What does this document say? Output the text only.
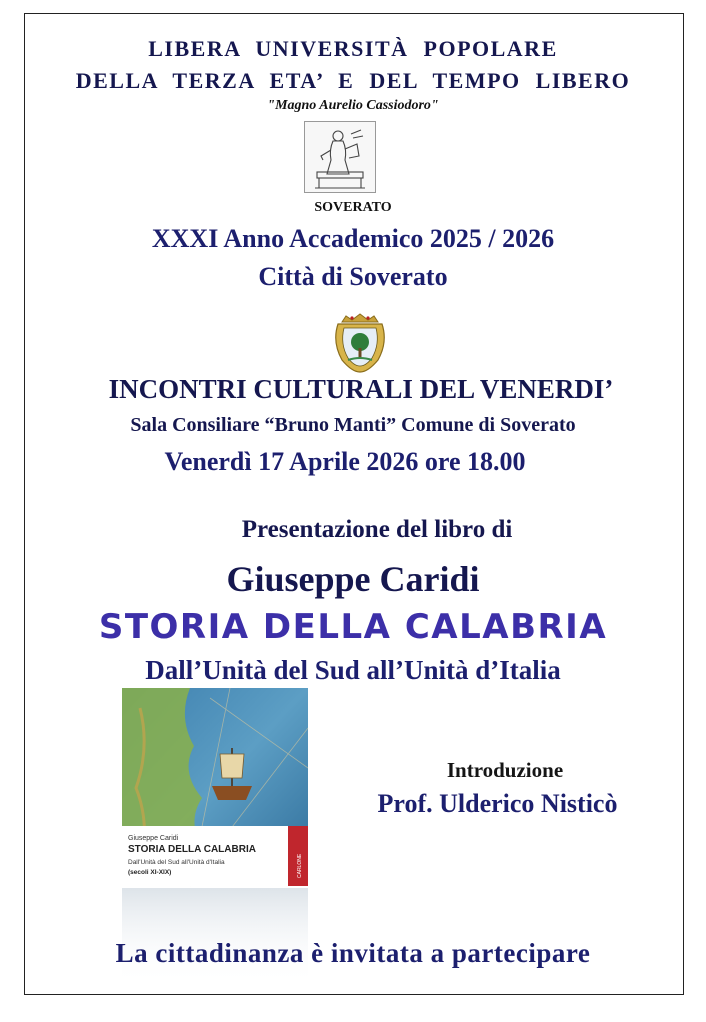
LIBERA UNIVERSITÀ POPOLARE
DELLA TERZA ETA’ E DEL TEMPO LIBERO
"Magno Aurelio Cassiodoro"
SOVERATO
XXXI Anno Accademico 2025 / 2026
Città di Soverato
INCONTRI CULTURALI DEL VENERDI’
Sala Consiliare “Bruno Manti” Comune di Soverato
Venerdì 17 Aprile 2026 ore 18.00
Presentazione del libro di
Giuseppe Caridi
STORIA DELLA CALABRIA
Dall’Unità del Sud all’Unità d’Italia
Giuseppe Caridi
STORIA DELLA CALABRIA
Dall'Unità del Sud all'Unità d'Italia
(secoli XI-XIX)	CARLONE
Introduzione
Prof. Ulderico Nisticò
La cittadinanza è invitata a partecipare
